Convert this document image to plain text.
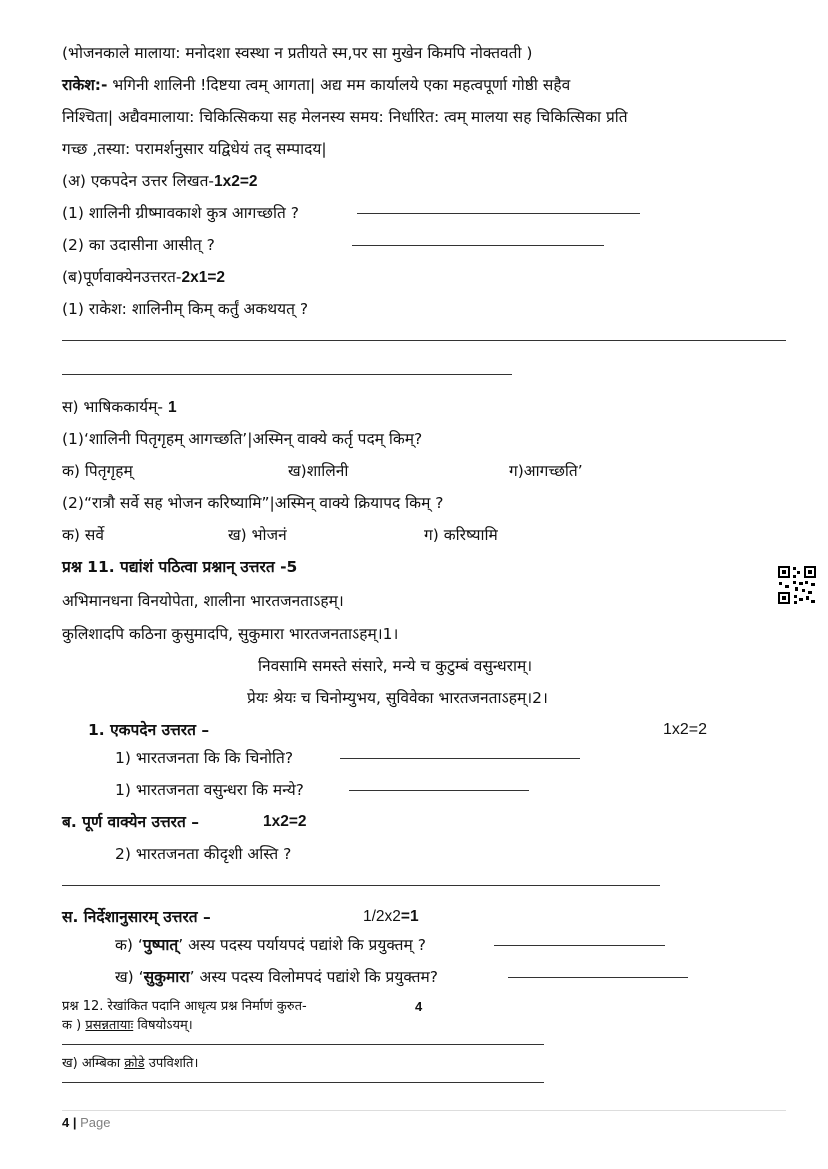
(भोजनकाले मालाया: मनोदशा स्वस्था न प्रतीयते स्म,पर सा मुखेन किमपि नोक्तवती )
राकेश:- भगिनी शालिनी !दिष्टया त्वम् आगता| अद्य मम कार्यालये एका महत्वपूर्णा गोष्ठी सहैव
निश्चिता| अद्यैवमालाया: चिकित्सिकया सह मेलनस्य समय: निर्धारित: त्वम् मालया सह चिकित्सिका प्रति
गच्छ ,तस्या: परामर्शनुसार यद्विधेयं तद् सम्पादय|
(अ) एकपदेन उत्तर लिखत-1x2=2
(1) शालिनी ग्रीष्मावकाशे कुत्र आगच्छति ?
(2) का उदासीना आसीत् ?
(ब)पूर्णवाक्येनउत्तरत-2x1=2
(1) राकेश: शालिनीम् किम् कर्तुं अकथयत् ?
स) भाषिककार्यम्- 1
(1)‘शालिनी पितृगृहम् आगच्छति’|अस्मिन् वाक्ये कर्तृ पदम् किम्?
क) पितृगृहम्	ख)शालिनी	ग)आगच्छति’
(2)“रात्रौ सर्वे सह भोजन करिष्यामि”|अस्मिन् वाक्ये क्रियापद किम् ?
क) सर्वे	ख) भोजनं	ग) करिष्यामि
प्रश्न 11. पद्यांशं पठित्वा प्रश्नान् उत्तरत -5
अभिमानधना विनयोपेता, शालीना भारतजनताऽहम्।
कुलिशादपि कठिना कुसुमादपि, सुकुमारा भारतजनताऽहम्।1।
निवसामि समस्ते संसारे, मन्ये च कुटुम्बं वसुन्धराम्।
प्रेयः श्रेयः च चिनोम्युभय, सुविवेका भारतजनताऽहम्।2।
1. एकपदेन उत्तरत –	1x2=2
1) भारतजनता कि कि चिनोति?
1) भारतजनता वसुन्धरा कि मन्ये?
ब. पूर्ण वाक्येन उत्तरत –	1x2=2
2) भारतजनता कीदृशी अस्ति ?
स. निर्देशानुसारम् उत्तरत –	1/2x2=1
क) ‘पुष्पात्’ अस्य पदस्य पर्यायपदं पद्यांशे कि प्रयुक्तम् ?
ख) ‘सुकुमारा’ अस्य पदस्य विलोमपदं पद्यांशे कि प्रयुक्तम?
प्रश्न 12. रेखांकित पदानि आधृत्य प्रश्न निर्माणं कुरुत-	4
क ) प्रसन्नतायाः विषयोऽयम्।
ख) अम्बिका क्रोडे उपविशति।
4 | Page
